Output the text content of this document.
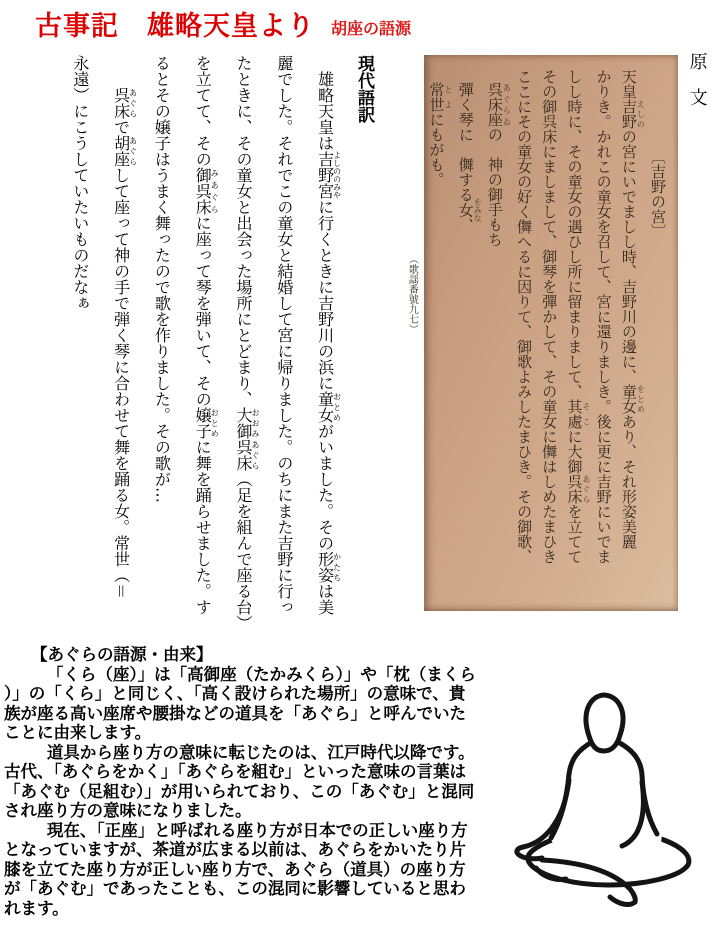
古事記　雄略天皇より 胡座の語源
原　文
〔吉野の宮〕
天皇吉野えしのの宮にいでましし時、吉野川の邊に、童女をとめあり、それ形姿美麗
かりき。かれこの童女を召して、宮に還りましき。後に更に吉野にいでま
しし時に、その童女の遇ひし所に留まりまして、其處そこに大御呉床あぐらを立てて
その御呉床にましまして、御琴を彈かして、その童女に儛はしめたまひき
ここにその童女の好く儛へるに因りて、御歌よみしたまひき。その御歌、
呉床座あぐらゐの　神の御手もち
彈く琴に　儛する女をみな、
常世とよにもがも。
（歌謡番號九七）
現代語訳
　雄略天皇は吉野宮よしののみやに行くときに吉野川の浜に童女おとめがいました。その形姿かたちは美
麗でした。それでこの童女と結婚して宮に帰りました。のちにまた吉野に行っ
たときに、その童女と出会った場所にとどまり、大御呉床おおみあぐら（足を組んで座る台）
を立てて、その御呉床みあぐらに座って琴を弾いて、その嬢子おとめに舞を踊らせました。す
るとその嬢子はうまく舞ったので歌を作りました。その歌が…
　　呉床あぐらで胡座あぐらして座って神の手で弾く琴に合わせて舞を踊る女。常世（＝
永遠）にこうしていたいものだなぁ
【あぐらの語源・由来】

「くら（座）」は「高御座（たかみくら）」や「枕（まくら）」の「くら」と同じく、「高く設けられた場所」の意味で、貴族が座る高い座席や腰掛などの道具を「あぐら」と呼んでいたことに由来します。

道具から座り方の意味に転じたのは、江戸時代以降です。古代、「あぐらをかく」「あぐらを組む」といった意味の言葉は「あぐむ（足組む）」が用いられており、この「あぐむ」と混同され座り方の意味になりました。

現在、「正座」と呼ばれる座り方が日本での正しい座り方となっていますが、茶道が広まる以前は、あぐらをかいたり片膝を立てた座り方が正しい座り方で、あぐら（道具）の座り方が「あぐむ」であったことも、この混同に影響していると思われます。
